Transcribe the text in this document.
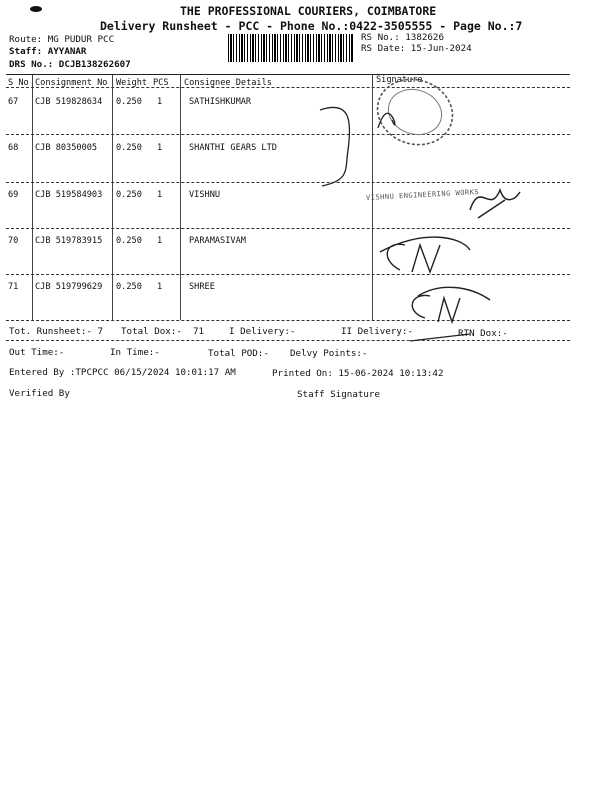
THE PROFESSIONAL COURIERS, COIMBATORE
Delivery Runsheet - PCC - Phone No.:0422-3505555 - Page No.:7
Route: MG PUDUR PCC
Staff: AYYANAR
DRS No.: DCJB138262607
RS No.: 1382626
RS Date: 15-Jun-2024
S No Consignment No Weight PCS Consignee Details	Signature
67 CJB 519828634 0.250 1	SATHISHKUMAR
68 CJB 80350005 0.250 1	SHANTHI GEARS LTD
69 CJB 519584903 0.250 1	VISHNU
70 CJB 519783915 0.250 1	PARAMASIVAM
71 CJB 519799629 0.250 1	SHREE
VISHNU ENGINEERING WORKS
Tot. Runsheet:- 7 Total Dox:- 71	I Delivery:-	II Delivery:-	RTN Dox:-
Out Time:-	In Time:-	Total POD:- Delvy Points:-
Entered By :TPCPCC 06/15/2024 10:01:17 AM	Printed On: 15-06-2024 10:13:42
Verified By	Staff Signature
